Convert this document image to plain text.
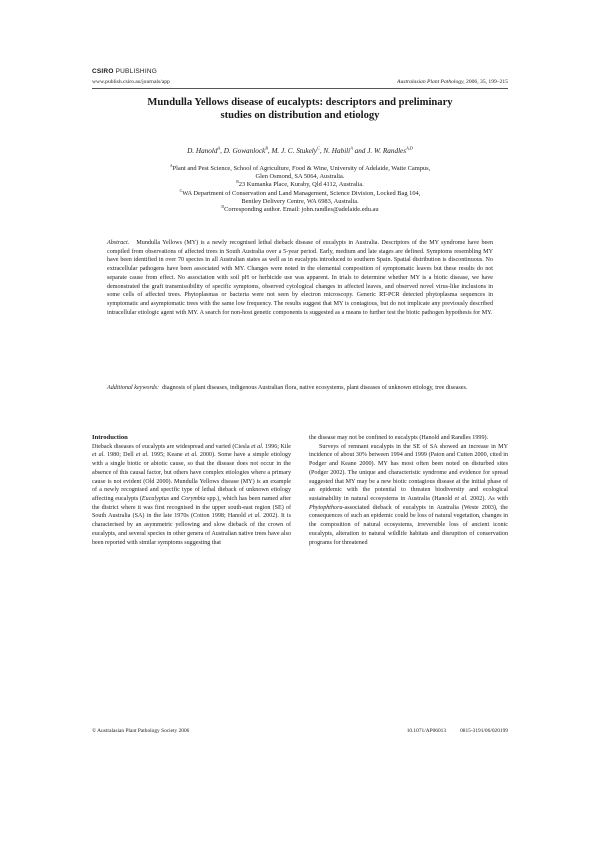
CSIRO PUBLISHING
www.publish.csiro.au/journals/app	Australasian Plant Pathology, 2006, 35, 199–215
Mundulla Yellows disease of eucalypts: descriptors and preliminary
studies on distribution and etiology
D. Hanold$^A$, D. Gowanlock$^B$, M. J. C. Stukely$^C$, N. Habili$^A$ and J. W. Randles$^{A,D}$
$^A$Plant and Pest Science, School of Agriculture, Food & Wine, University of Adelaide, Waite Campus,
Glen Osmond, SA 5064, Australia.
$^B$23 Kumanka Place, Kuraby, Qld 4112, Australia.
$^C$WA Department of Conservation and Land Management, Science Division, Locked Bag 104,
Bentley Delivery Centre, WA 6983, Australia.
$^D$Corresponding author. Email: john.randles@adelaide.edu.au
Abstract. Mundulla Yellows (MY) is a newly recognised lethal dieback disease of eucalypts in Australia. Descriptors of the MY syndrome have been compiled from observations of affected trees in South Australia over a 5-year period. Early, medium and late stages are defined. Symptoms resembling MY have been identified in over 70 species in all Australian states as well as in eucalypts introduced to southern Spain. Spatial distribution is discontinuous. No extracellular pathogens have been associated with MY. Changes were noted in the elemental composition of symptomatic leaves but these results do not separate cause from effect. No association with soil pH or herbicide use was apparent. In trials to determine whether MY is a biotic disease, we have demonstrated the graft transmissibility of specific symptoms, observed cytological changes in affected leaves, and observed novel virus-like inclusions in some cells of affected trees. Phytoplasmas or bacteria were not seen by electron microscopy. Generic RT-PCR detected phytoplasma sequences in symptomatic and asymptomatic trees with the same low frequency. The results suggest that MY is contagious, but do not implicate any previously described intracellular etiologic agent with MY. A search for non-host genetic components is suggested as a means to further test the biotic pathogen hypothesis for MY.
Additional keywords: diagnosis of plant diseases, indigenous Australian flora, native ecosystems, plant diseases of unknown etiology, tree diseases.
Introduction

Dieback diseases of eucalypts are widespread and varied (Ciesla et al. 1996; Kile et al. 1980; Dell et al. 1995; Keane et al. 2000). Some have a simple etiology with a single biotic or abiotic cause, so that the disease does not occur in the absence of this causal factor, but others have complex etiologies where a primary cause is not evident (Old 2000). Mundulla Yellows disease (MY) is an example of a newly recognised and specific type of lethal dieback of unknown etiology affecting eucalypts (Eucalyptus and Corymbia spp.), which has been named after the district where it was first recognised in the upper south-east region (SE) of South Australia (SA) in the late 1970s (Cotton 1998; Hanold et al. 2002). It is characterised by an asymmetric yellowing and slow dieback of the crown of eucalypts, and several species in other genera of Australian native trees have also been reported with similar symptoms suggesting that

the disease may not be confined to eucalypts (Hanold and Randles 1999).

Surveys of remnant eucalypts in the SE of SA showed an increase in MY incidence of about 30% between 1994 and 1999 (Paton and Cutten 2000, cited in Podger and Keane 2000). MY has most often been noted on disturbed sites (Podger 2002). The unique and characteristic syndrome and evidence for spread suggested that MY may be a new biotic contagious disease at the initial phase of an epidemic with the potential to threaten biodiversity and ecological sustainability in natural ecosystems in Australia (Hanold et al. 2002). As with Phytophthora-associated dieback of eucalypts in Australia (Weste 2003), the consequences of such an epidemic could be loss of natural vegetation, changes in the composition of natural ecosystems, irreversible loss of ancient iconic eucalypts, alteration to natural wildlife habitats and disruption of conservation programs for threatened

© Australasian Plant Pathology Society 2006	10.1071/AP06013	0815-3191/06/020199
